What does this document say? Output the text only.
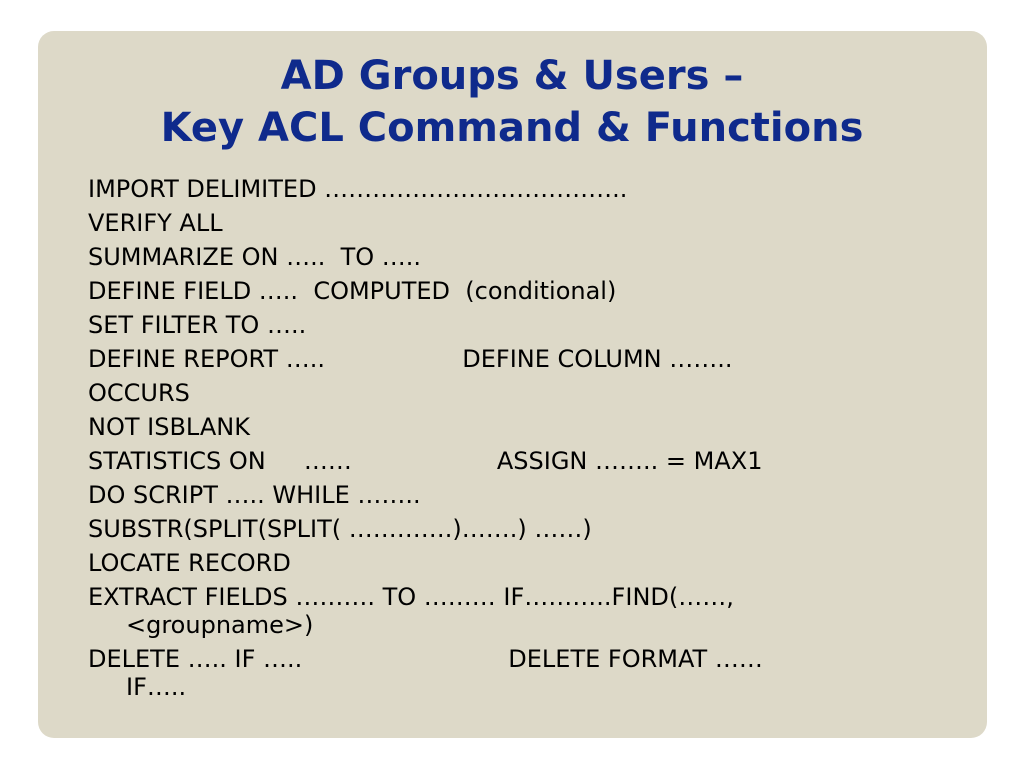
AD Groups & Users –
Key ACL Command & Functions
IMPORT DELIMITED ………………………………..
VERIFY ALL
SUMMARIZE ON …..  TO …..
DEFINE FIELD …..  COMPUTED  (conditional)
SET FILTER TO …..
DEFINE REPORT …..                  DEFINE COLUMN ……..
OCCURS
NOT ISBLANK
STATISTICS ON     ……                   ASSIGN …….. = MAX1
DO SCRIPT ….. WHILE ……..
SUBSTR(SPLIT(SPLIT( ………….)…….) ……)
LOCATE RECORD
EXTRACT FIELDS ………. TO ……… IF………..FIND(……,
<groupname>)
DELETE ….. IF …..                           DELETE FORMAT ……
IF…..
